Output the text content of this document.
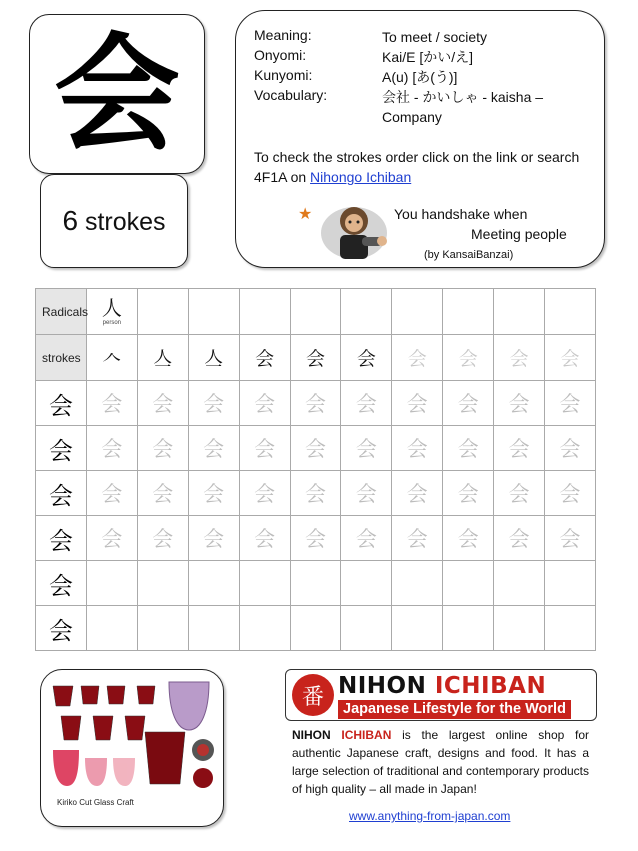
会
6 strokes
Meaning:	To meet / society
Onyomi:	Kai/E [かい/え]
Kunyomi:	A(u) [あ(う)]
Vocabulary:	会社 - かいしゃ - kaisha – Company
To check the strokes order click on the link or search 4F1A on Nihongo Ichiban
★	You handshake when
Meeting people
(by KansaiBanzai)
Radicals	人
person									

strokes	𠆢	亼	亼	会	会	会	会	会	会	会
会	会	会	会	会	会	会	会	会	会	会
会	会	会	会	会	会	会	会	会	会	会
会	会	会	会	会	会	会	会	会	会	会
会	会	会	会	会	会	会	会	会	会	会
会										
会										
Kiriko Cut Glass Craft
番 NIHON ICHIBAN
Japanese Lifestyle for the World
NIHON ICHIBAN is the largest online shop for authentic Japanese craft, designs and food. It has a large selection of traditional and contemporary products of high quality – all made in Japan!
www.anything-from-japan.com
